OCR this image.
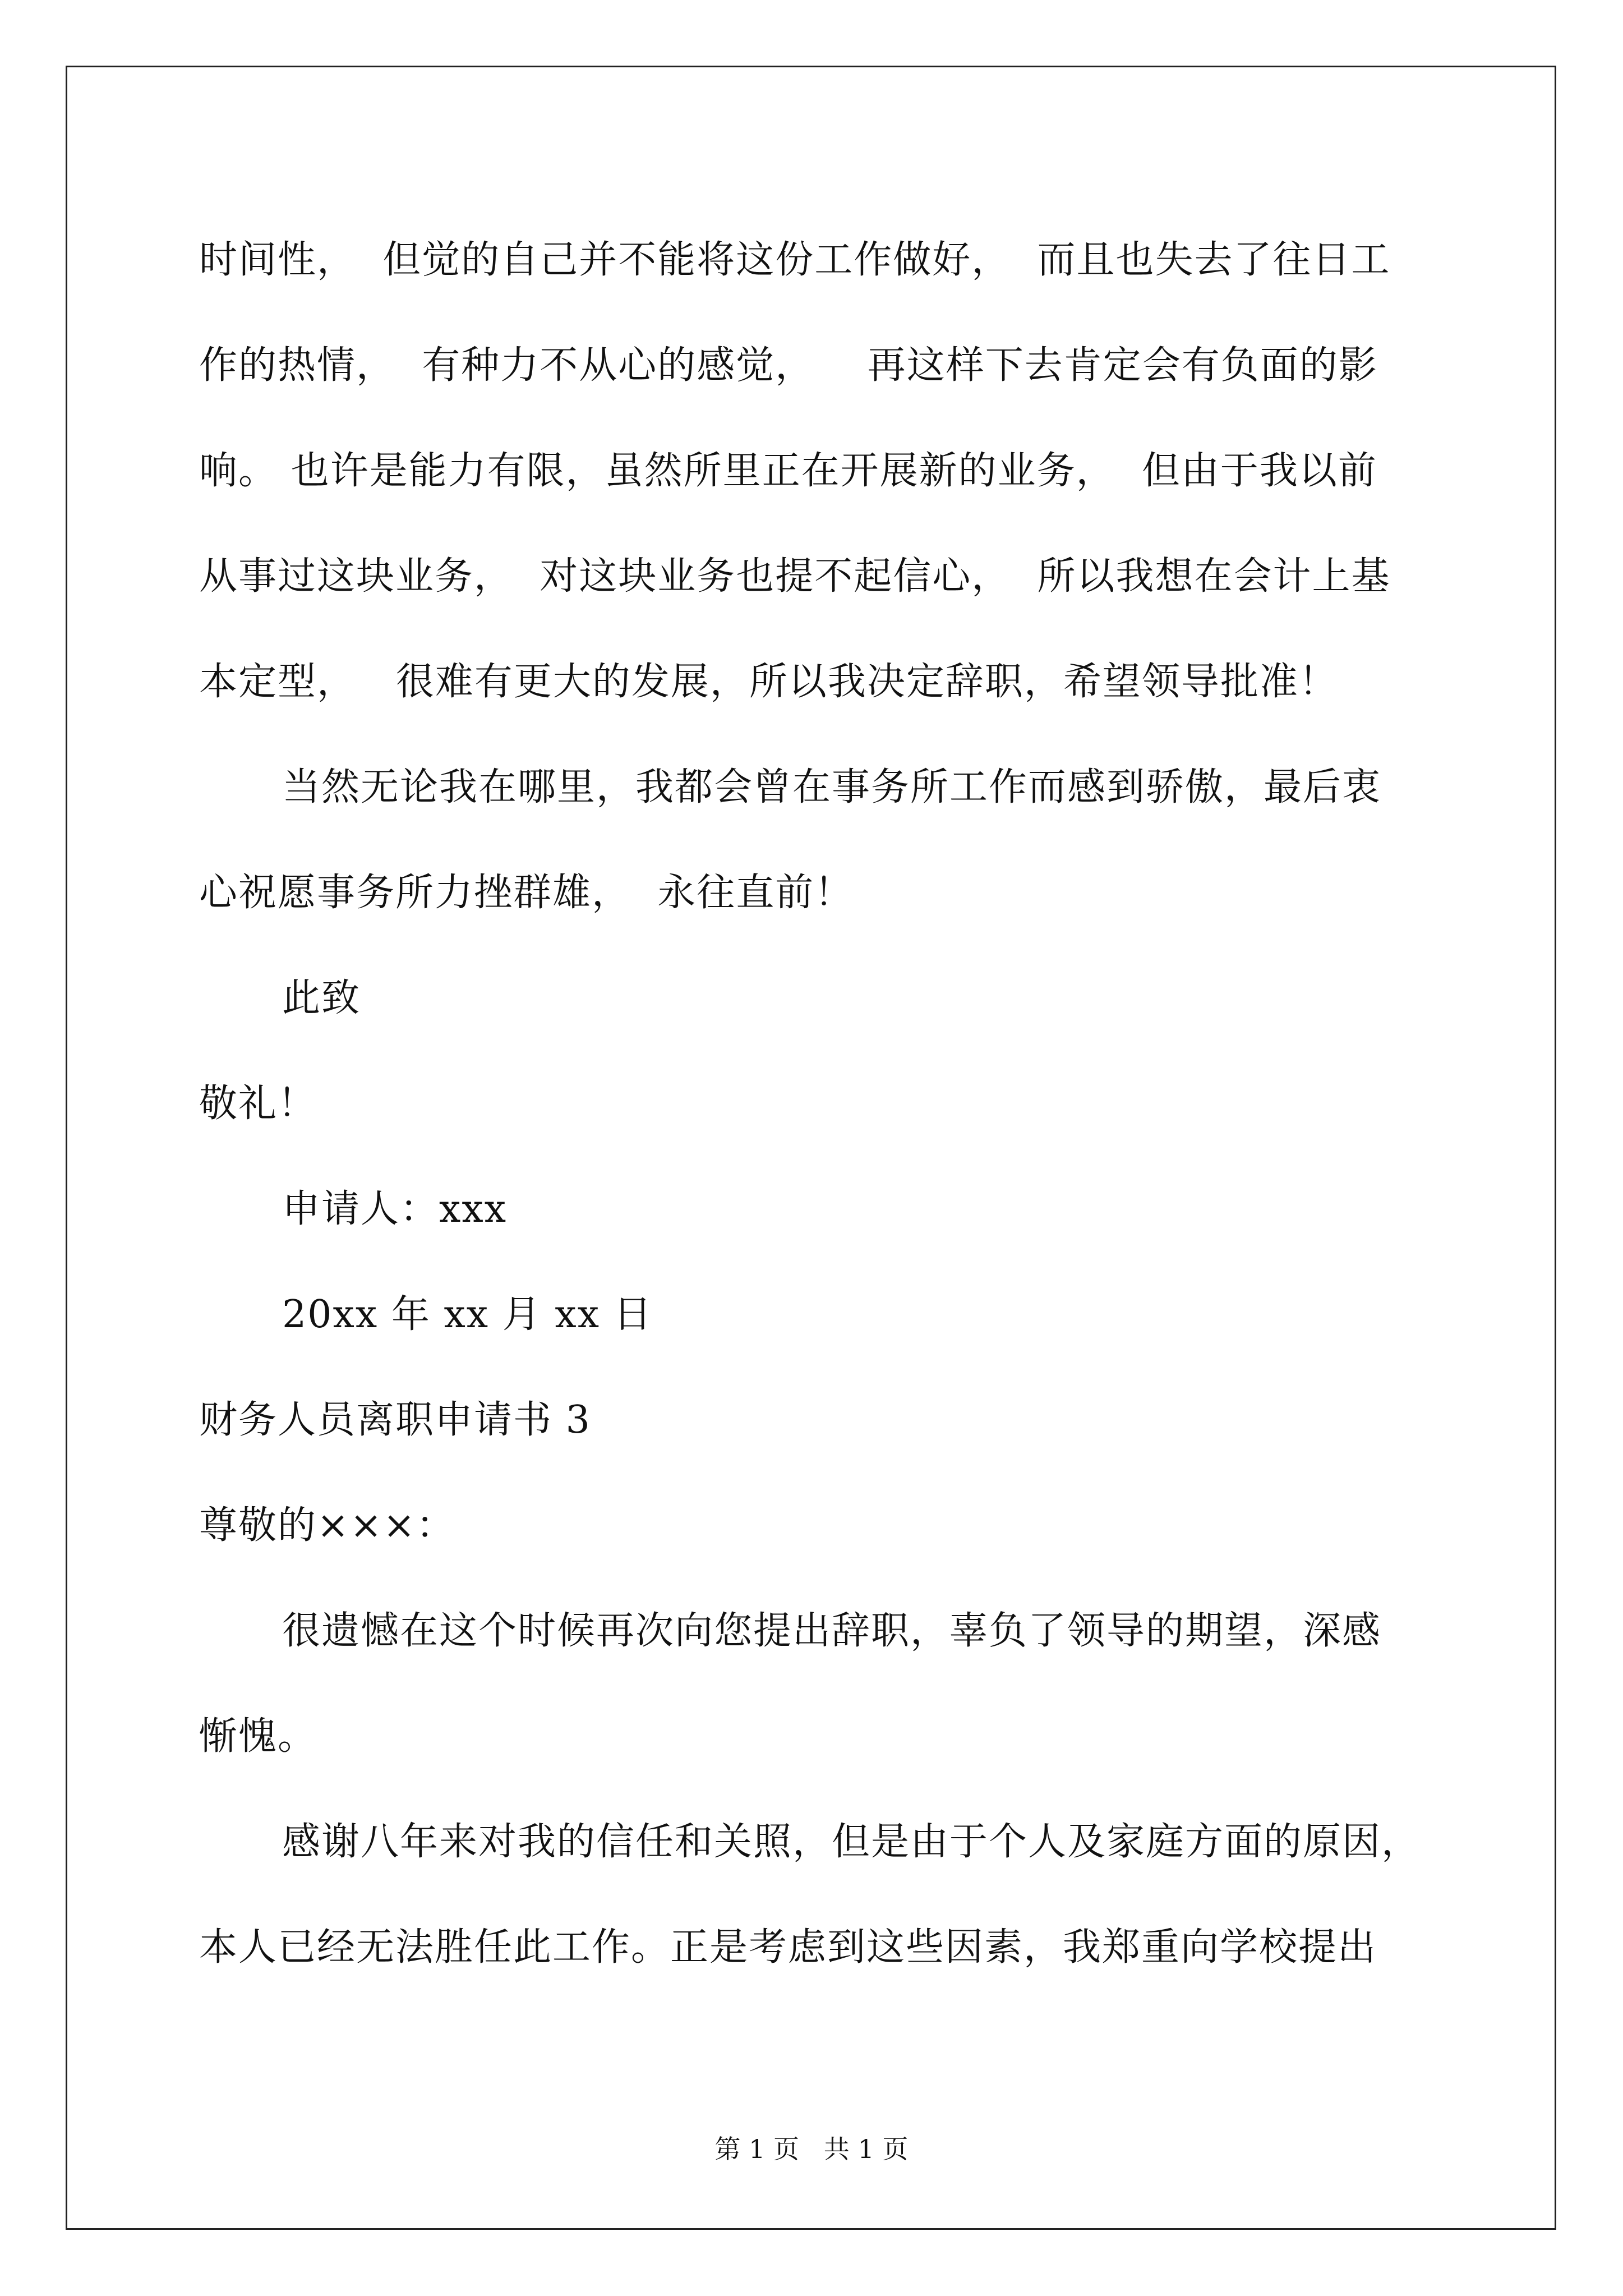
时间性，  但觉的自己并不能将这份工作做好，  而且也失去了往日工
作的热情，  有种力不从心的感觉，    再这样下去肯定会有负面的影
响。 也许是能力有限，虽然所里正在开展新的业务，  但由于我以前
从事过这块业务，  对这块业务也提不起信心，  所以我想在会计上基
本定型，   很难有更大的发展，所以我决定辞职，希望领导批准！
当然无论我在哪里，我都会曾在事务所工作而感到骄傲，最后衷
心祝愿事务所力挫群雄，  永往直前！
此致
敬礼！
申请人：xxx
20xx 年 xx 月 xx 日
财务人员离职申请书 3
尊敬的×××：
很遗憾在这个时候再次向您提出辞职，辜负了领导的期望，深感
惭愧。
感谢八年来对我的信任和关照，但是由于个人及家庭方面的原因，
本人已经无法胜任此工作。正是考虑到这些因素，我郑重向学校提出
第 1 页   共 1 页
